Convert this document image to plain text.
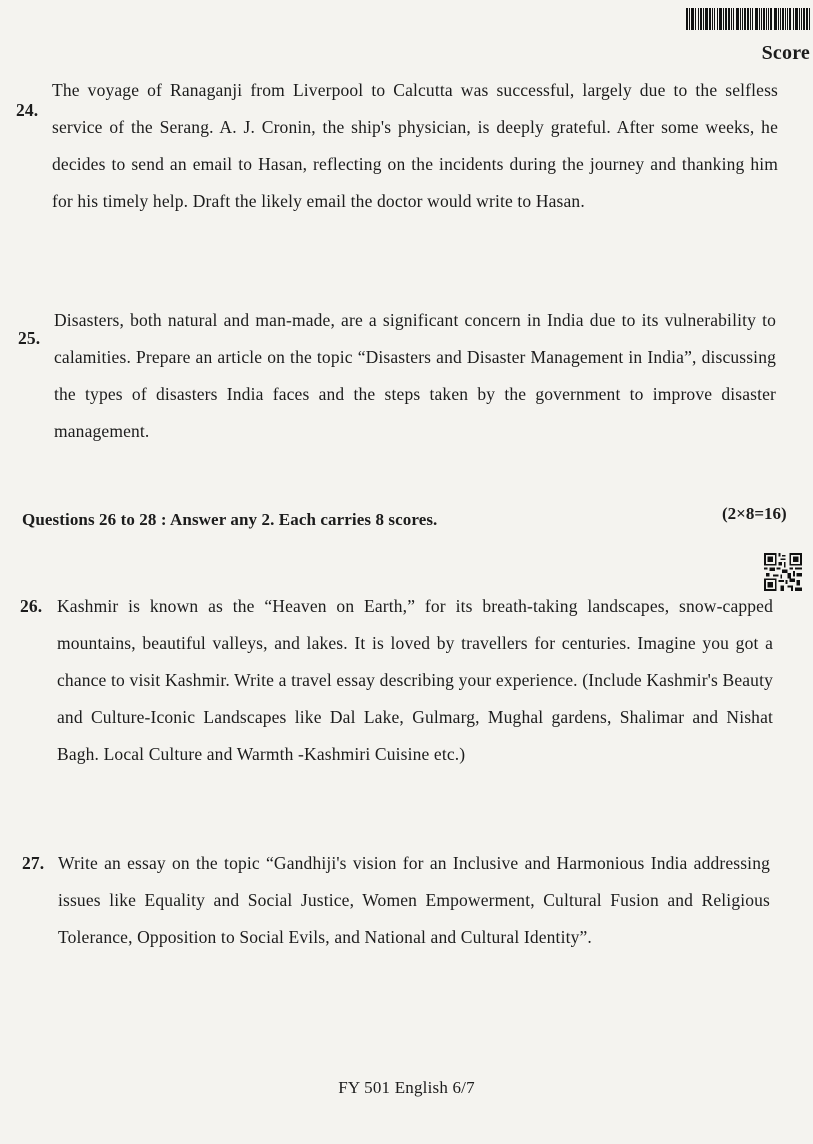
Score
24.
The voyage of Ranaganji from Liverpool to Calcutta was successful, largely due to the selfless service of the Serang. A. J. Cronin, the ship's physician, is deeply grateful. After some weeks, he decides to send an email to Hasan, reflecting on the incidents during the journey and thanking him for his timely help. Draft the likely email the doctor would write to Hasan.
25.
Disasters, both natural and man-made, are a significant concern in India due to its vulnerability to calamities. Prepare an article on the topic “Disasters and Disaster Management in India”, discussing the types of disasters India faces and the steps taken by the government to improve disaster management.
Questions 26 to 28 : Answer any 2. Each carries 8 scores.	(2×8=16)
26. Kashmir is known as the “Heaven on Earth,” for its breath-taking landscapes, snow-capped mountains, beautiful valleys, and lakes. It is loved by travellers for centuries. Imagine you got a chance to visit Kashmir. Write a travel essay describing your experience. (Include Kashmir's Beauty and Culture-Iconic Landscapes like Dal Lake, Gulmarg, Mughal gardens, Shalimar and Nishat Bagh. Local Culture and Warmth -Kashmiri Cuisine etc.)
27. Write an essay on the topic “Gandhiji's vision for an Inclusive and Harmonious India addressing issues like Equality and Social Justice, Women Empowerment, Cultural Fusion and Religious Tolerance, Opposition to Social Evils, and National and Cultural Identity”.
FY 501 English 6/7
